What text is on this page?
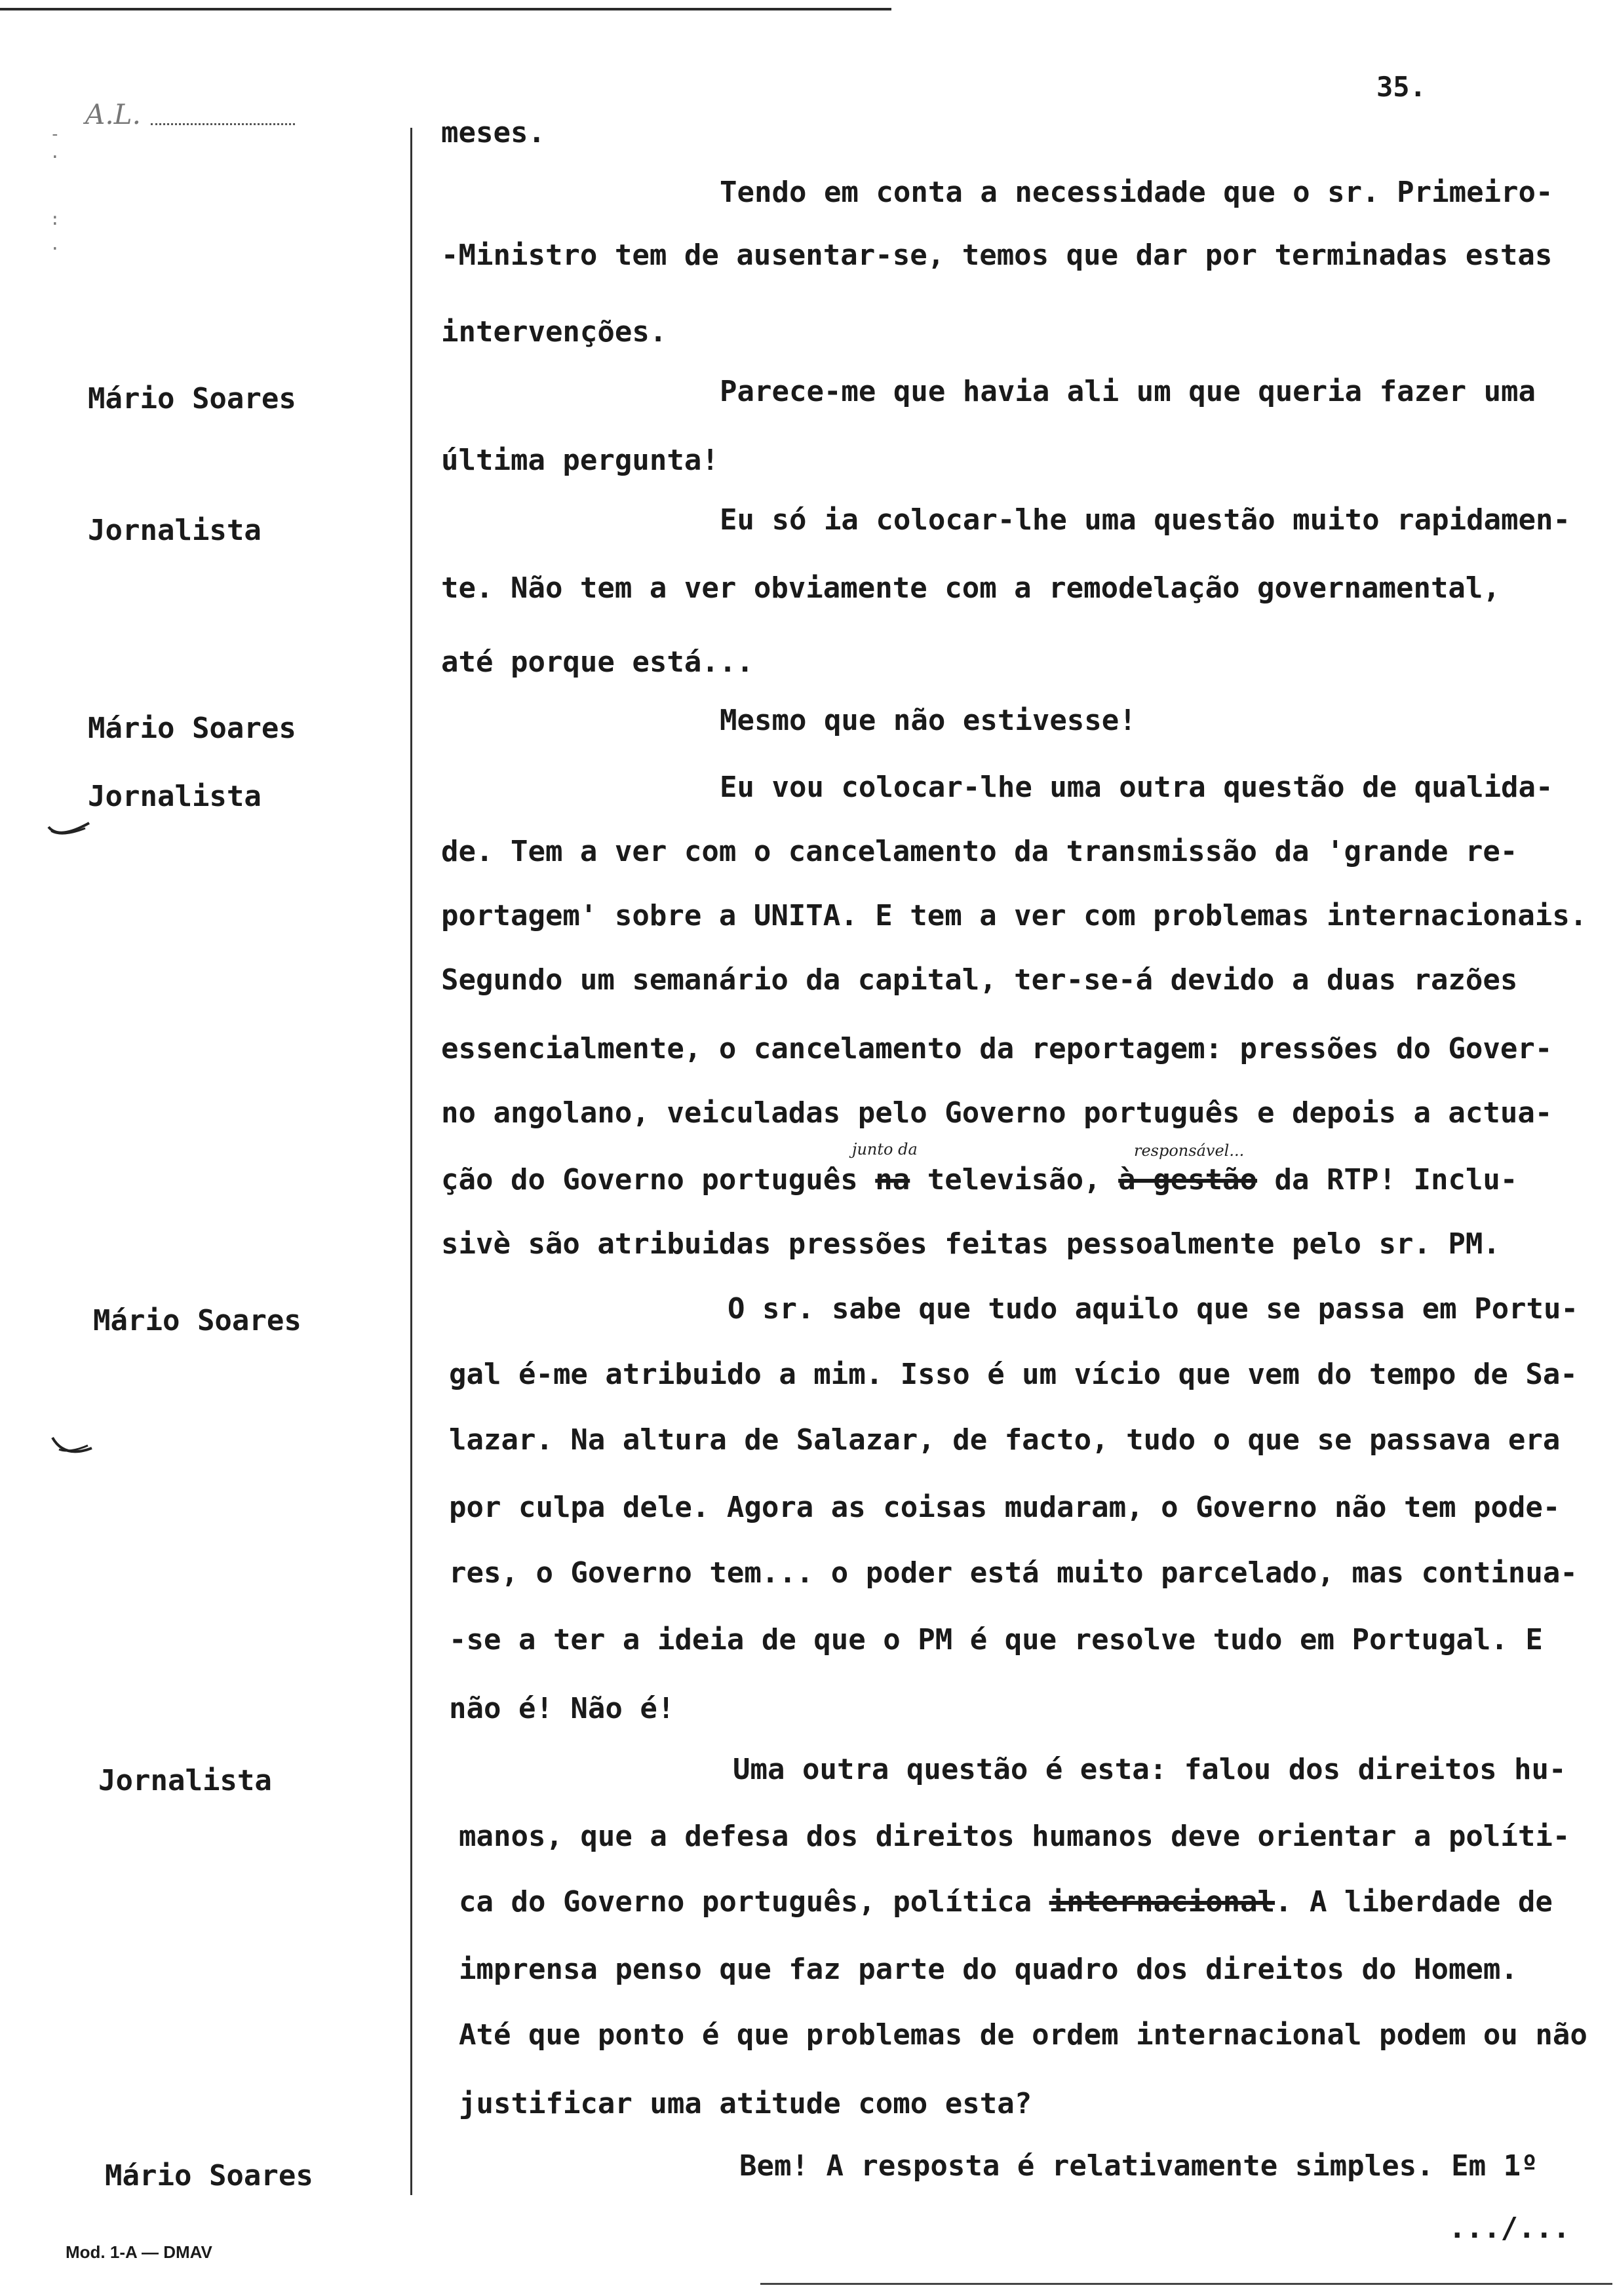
A.L.
-
·
:
·
35.
Mário Soares
Jornalista
Mário Soares
Jornalista
Mário Soares
Jornalista
Mário Soares
meses.
Tendo em conta a necessidade que o sr. Primeiro-
-Ministro tem de ausentar-se, temos que dar por terminadas estas
intervenções.
Parece-me que havia ali um que queria fazer uma
última pergunta!
Eu só ia colocar-lhe uma questão muito rapidamen-
te. Não tem a ver obviamente com a remodelação governamental,
até porque está...
Mesmo que não estivesse!
Eu vou colocar-lhe uma outra questão de qualida-
de. Tem a ver com o cancelamento da transmissão da 'grande re-
portagem' sobre a UNITA. E tem a ver com problemas internacionais.
Segundo um semanário da capital, ter-se-á devido a duas razões
essencialmente, o cancelamento da reportagem: pressões do Gover-
no angolano, veiculadas pelo Governo português e depois a actua-
ção do Governo português na televisão, à gestão da RTP! Inclu-
junto da	responsável...
sivè são atribuidas pressões feitas pessoalmente pelo sr. PM.
O sr. sabe que tudo aquilo que se passa em Portu-
gal é-me atribuido a mim. Isso é um vício que vem do tempo de Sa-
lazar. Na altura de Salazar, de facto, tudo o que se passava era
por culpa dele. Agora as coisas mudaram, o Governo não tem pode-
res, o Governo tem... o poder está muito parcelado, mas continua-
-se a ter a ideia de que o PM é que resolve tudo em Portugal. E
não é! Não é!
Uma outra questão é esta: falou dos direitos hu-
manos, que a defesa dos direitos humanos deve orientar a políti-
ca do Governo português, política internacional. A liberdade de
imprensa penso que faz parte do quadro dos direitos do Homem.
Até que ponto é que problemas de ordem internacional podem ou não
justificar uma atitude como esta?
Bem! A resposta é relativamente simples. Em 1º
.../...
Mod. 1-A — DMAV
